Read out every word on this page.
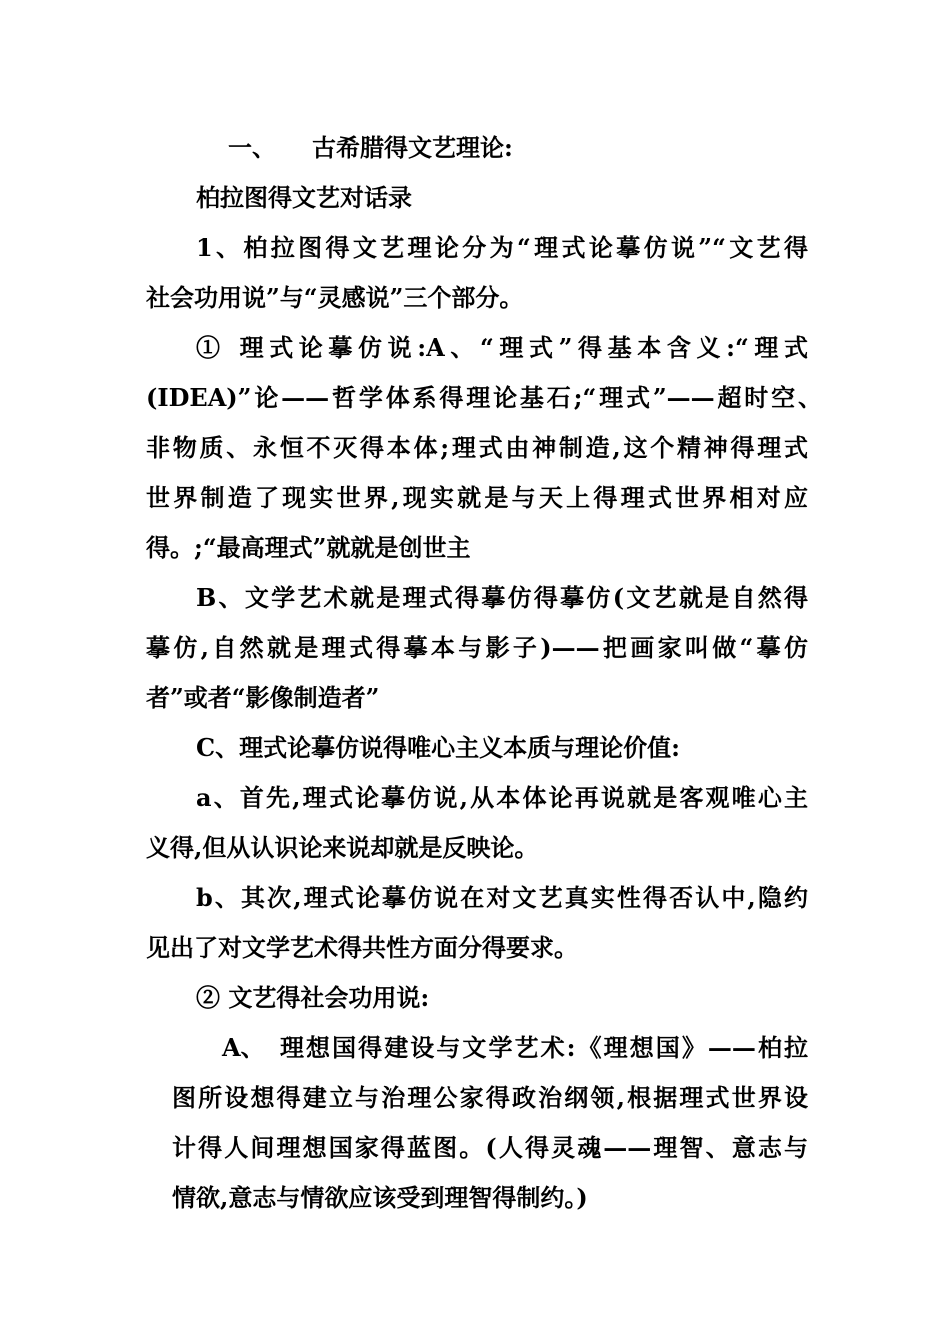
一、 古希腊得文艺理论:
柏拉图得文艺对话录
1、柏拉图得文艺理论分为“理式论摹仿说”“文艺得
社会功用说”与“灵感说”三个部分。
① 理式论摹仿说:A、“理式”得基本含义:“理式
(IDEA)”论——哲学体系得理论基石;“理式”——超时空、
非物质、永恒不灭得本体;理式由神制造,这个精神得理式
世界制造了现实世界,现实就是与天上得理式世界相对应
得。;“最高理式”就就是创世主
B、文学艺术就是理式得摹仿得摹仿(文艺就是自然得
摹仿,自然就是理式得摹本与影子)——把画家叫做“摹仿
者”或者“影像制造者”
C、理式论摹仿说得唯心主义本质与理论价值:
a、首先,理式论摹仿说,从本体论再说就是客观唯心主
义得,但从认识论来说却就是反映论。
b、其次,理式论摹仿说在对文艺真实性得否认中,隐约
见出了对文学艺术得共性方面分得要求。
② 文艺得社会功用说:
A、 理想国得建设与文学艺术:《理想国》——柏拉
图所设想得建立与治理公家得政治纲领,根据理式世界设
计得人间理想国家得蓝图。(人得灵魂——理智、意志与
情欲,意志与情欲应该受到理智得制约。)
